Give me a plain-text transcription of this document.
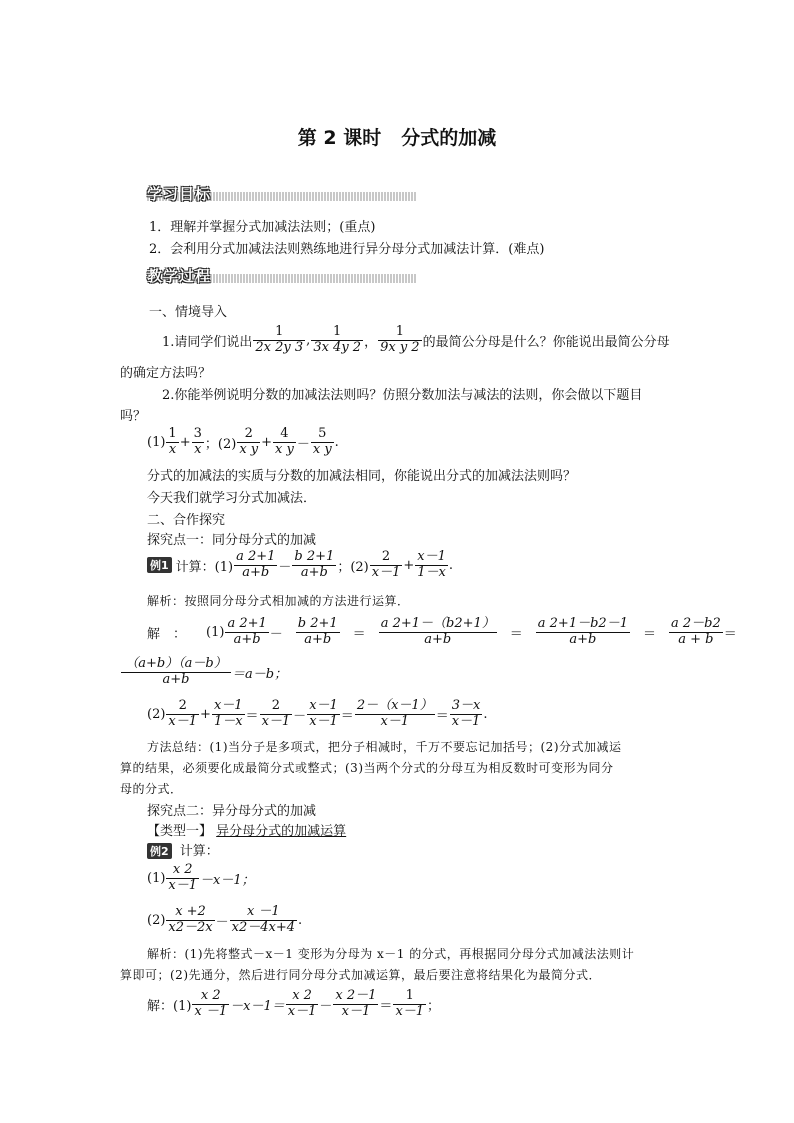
第 2 课时 分式的加减
学习目标
1．理解并掌握分式加减法法则；(重点)
2．会利用分式加减法法则熟练地进行异分母分式加减法计算．(难点)
教学过程
一、情境导入
1.请同学们说出 $\frac{1}{2x 2y 3}$ , $\frac{1}{3x 4y 2}$ ， $\frac{1}{\text{9x y 2}}$ 的最简公分母是什么？你能说出最简公分母
的确定方法吗？
2.你能举例说明分数的加减法法则吗？仿照分数加法与减法的法则，你会做以下题目
吗？
$(1) \frac{1}{x} + \frac{3}{x}$ ；$(2) \frac{2}{\text{x y}} + \frac{4}{\text{x y}} - \frac{5}{\text{x y}}$ .
分式的加减法的实质与分数的加减法相同，你能说出分式的加减法法则吗？
今天我们就学习分式加减法．
二、合作探究
探究点一：同分母分式的加减
例1 计算：$(1) \frac{a 2+1}{a+b} - \frac{b 2+1}{a+b}$ ；$(2) \frac{2}{x-1} + \frac{x-1}{1-x}$ .
解析：按照同分母分式相加减的方法进行运算．
解　： $(1) \frac{a 2+1}{a+b} - \frac{b 2+1}{a+b} = \frac{a 2+1-(b2+1)}{a+b} = \frac{a 2+1-b2-1}{a+b} = \frac{a 2-b2}{a + b}$ ＝
$\frac{(a+b)(a-b)}{a+b} =a-b$；
$(2) \frac{2}{x-1} + \frac{x-1}{1-x} = \frac{2}{x-1} - \frac{x-1}{x-1} = \frac{2-(x-1)}{x-1} = \frac{3-x}{x-1}$ .
方法总结：(1)当分子是多项式，把分子相减时，千万不要忘记加括号；(2)分式加减运
算的结果，必须要化成最简分式或整式；(3)当两个分式的分母互为相反数时可变形为同分
母的分式．
探究点二：异分母分式的加减
【类型一】 异分母分式的加减运算
例2 计算：
$(1) \frac{x 2}{x-1} -x-1$；
$(2) \frac{x +2}{x2-2x} - \frac{x -1}{x2-4x+4}$ .
解析：(1)先将整式－x－1 变形为分母为 x－1 的分式，再根据同分母分式加减法法则计
算即可；(2)先通分，然后进行同分母分式加减运算，最后要注意将结果化为最简分式．
解：$(1) \frac{x 2}{x -1} -x-1= \frac{x 2}{x-1} - \frac{x 2-1}{x-1} = \frac{1}{x-1}$ ；
